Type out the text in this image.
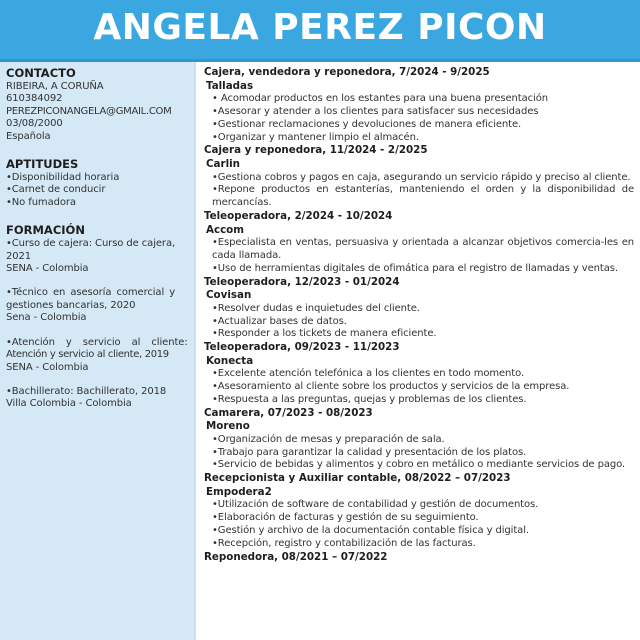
ANGELA PEREZ PICON
CONTACTO
RIBEIRA, A CORUÑA
610384092
PEREZPICONANGELA@GMAIL.COM
03/08/2000
Española
APTITUDES
•Disponibilidad horaria
•Carnet de conducir
•No fumadora
FORMACIÓN
•Curso de cajera: Curso de cajera,
2021
SENA - Colombia
•Técnico en asesoría comercial y
gestiones bancarias, 2020
Sena - Colombia
•Atención y servicio al cliente:
Atención y servicio al cliente, 2019
SENA - Colombia
•Bachillerato: Bachillerato, 2018
Villa Colombia - Colombia
Cajera, vendedora y reponedora, 7/2024 - 9/2025
Talladas
• Acomodar productos en los estantes para una buena presentación
•Asesorar y atender a los clientes para satisfacer sus necesidades
•Gestionar reclamaciones y devoluciones de manera eficiente.
•Organizar y mantener limpio el almacén.
Cajera y reponedora, 11/2024 - 2/2025
Carlin
•Gestiona cobros y pagos en caja, asegurando un servicio rápido y preciso al cliente.
•Repone productos en estanterías, manteniendo el orden y la disponibilidad de mercancías.
Teleoperadora, 2/2024 - 10/2024
Accom
•Especialista en ventas, persuasiva y orientada a alcanzar objetivos comercia-les en cada llamada.
•Uso de herramientas digitales de ofimática para el registro de llamadas y ventas.
Teleoperadora, 12/2023 - 01/2024
Covisan
•Resolver dudas e inquietudes del cliente.
•Actualizar bases de datos.
•Responder a los tickets de manera eficiente.
Teleoperadora, 09/2023 - 11/2023
Konecta
•Excelente atención telefónica a los clientes en todo momento.
•Asesoramiento al cliente sobre los productos y servicios de la empresa.
•Respuesta a las preguntas, quejas y problemas de los clientes.
Camarera, 07/2023 - 08/2023
Moreno
•Organización de mesas y preparación de sala.
•Trabajo para garantizar la calidad y presentación de los platos.
•Servicio de bebidas y alimentos y cobro en metálico o mediante servicios de pago.
Recepcionista y Auxiliar contable, 08/2022 – 07/2023
Empodera2
•Utilización de software de contabilidad y gestión de documentos.
•Elaboración de facturas y gestión de su seguimiento.
•Gestión y archivo de la documentación contable física y digital.
•Recepción, registro y contabilización de las facturas.
Reponedora, 08/2021 – 07/2022
